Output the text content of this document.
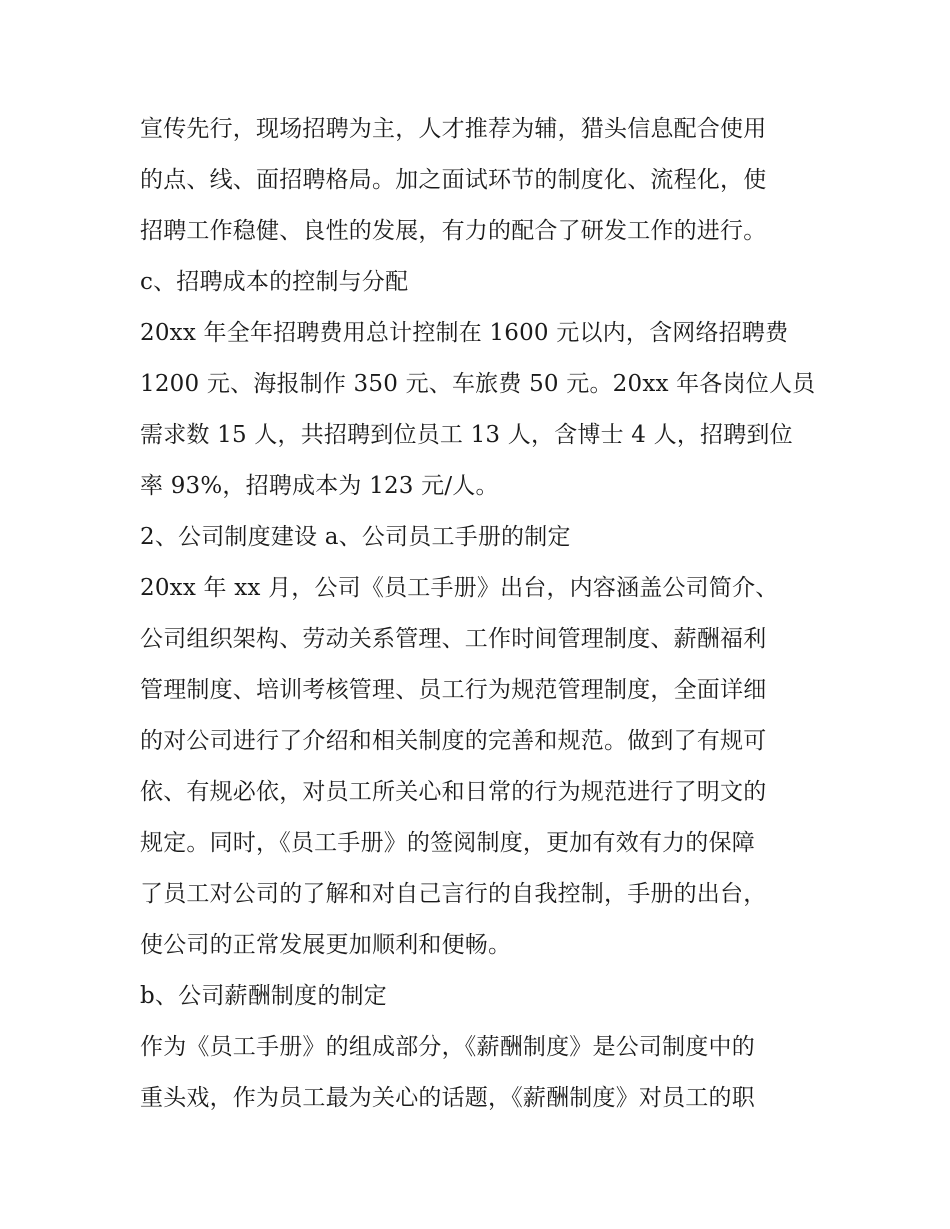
宣传先行，现场招聘为主，人才推荐为辅，猎头信息配合使用
的点、线、面招聘格局。加之面试环节的制度化、流程化，使
招聘工作稳健、良性的发展，有力的配合了研发工作的进行。
c、招聘成本的控制与分配
20xx 年全年招聘费用总计控制在 1600 元以内，含网络招聘费
1200 元、海报制作 350 元、车旅费 50 元。20xx 年各岗位人员
需求数 15 人，共招聘到位员工 13 人，含博士 4 人，招聘到位
率 93%，招聘成本为 123 元/人。
2、公司制度建设 a、公司员工手册的制定
20xx 年 xx 月，公司《员工手册》出台，内容涵盖公司简介、
公司组织架构、劳动关系管理、工作时间管理制度、薪酬福利
管理制度、培训考核管理、员工行为规范管理制度，全面详细
的对公司进行了介绍和相关制度的完善和规范。做到了有规可
依、有规必依，对员工所关心和日常的行为规范进行了明文的
规定。同时，《员工手册》的签阅制度，更加有效有力的保障
了员工对公司的了解和对自己言行的自我控制，手册的出台，
使公司的正常发展更加顺利和便畅。
b、公司薪酬制度的制定
作为《员工手册》的组成部分，《薪酬制度》是公司制度中的
重头戏，作为员工最为关心的话题，《薪酬制度》对员工的职
